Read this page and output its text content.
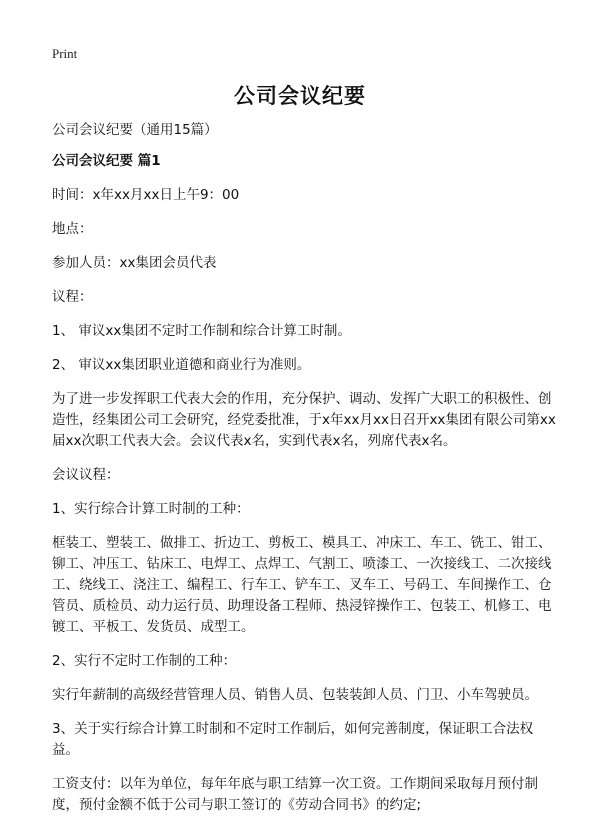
Print
公司会议纪要

公司会议纪要（通用15篇）

公司会议纪要 篇1

时间：x年xx月xx日上午9：00

地点：

参加人员：xx集团会员代表

议程：

1、 审议xx集团不定时工作制和综合计算工时制。

2、 审议xx集团职业道德和商业行为准则。

为了进一步发挥职工代表大会的作用，充分保护、调动、发挥广大职工的积极性、创造性，经集团公司工会研究，经党委批准，于x年xx月xx日召开xx集团有限公司第xx届xx次职工代表大会。会议代表x名，实到代表x名，列席代表x名。

会议议程：

1、实行综合计算工时制的工种：

框装工、塑装工、做排工、折边工、剪板工、模具工、冲床工、车工、铣工、钳工、铆工、冲压工、钻床工、电焊工、点焊工、气割工、喷漆工、一次接线工、二次接线工、绕线工、浇注工、编程工、行车工、铲车工、叉车工、号码工、车间操作工、仓管员、质检员、动力运行员、助理设备工程师、热浸锌操作工、包装工、机修工、电镀工、平板工、发货员、成型工。

2、实行不定时工作制的工种：

实行年薪制的高级经营管理人员、销售人员、包装装卸人员、门卫、小车驾驶员。

3、关于实行综合计算工时制和不定时工作制后，如何完善制度，保证职工合法权益。

工资支付：以年为单位，每年年底与职工结算一次工资。工作期间采取每月预付制度，预付金额不低于公司与职工签订的《劳动合同书》的约定;
